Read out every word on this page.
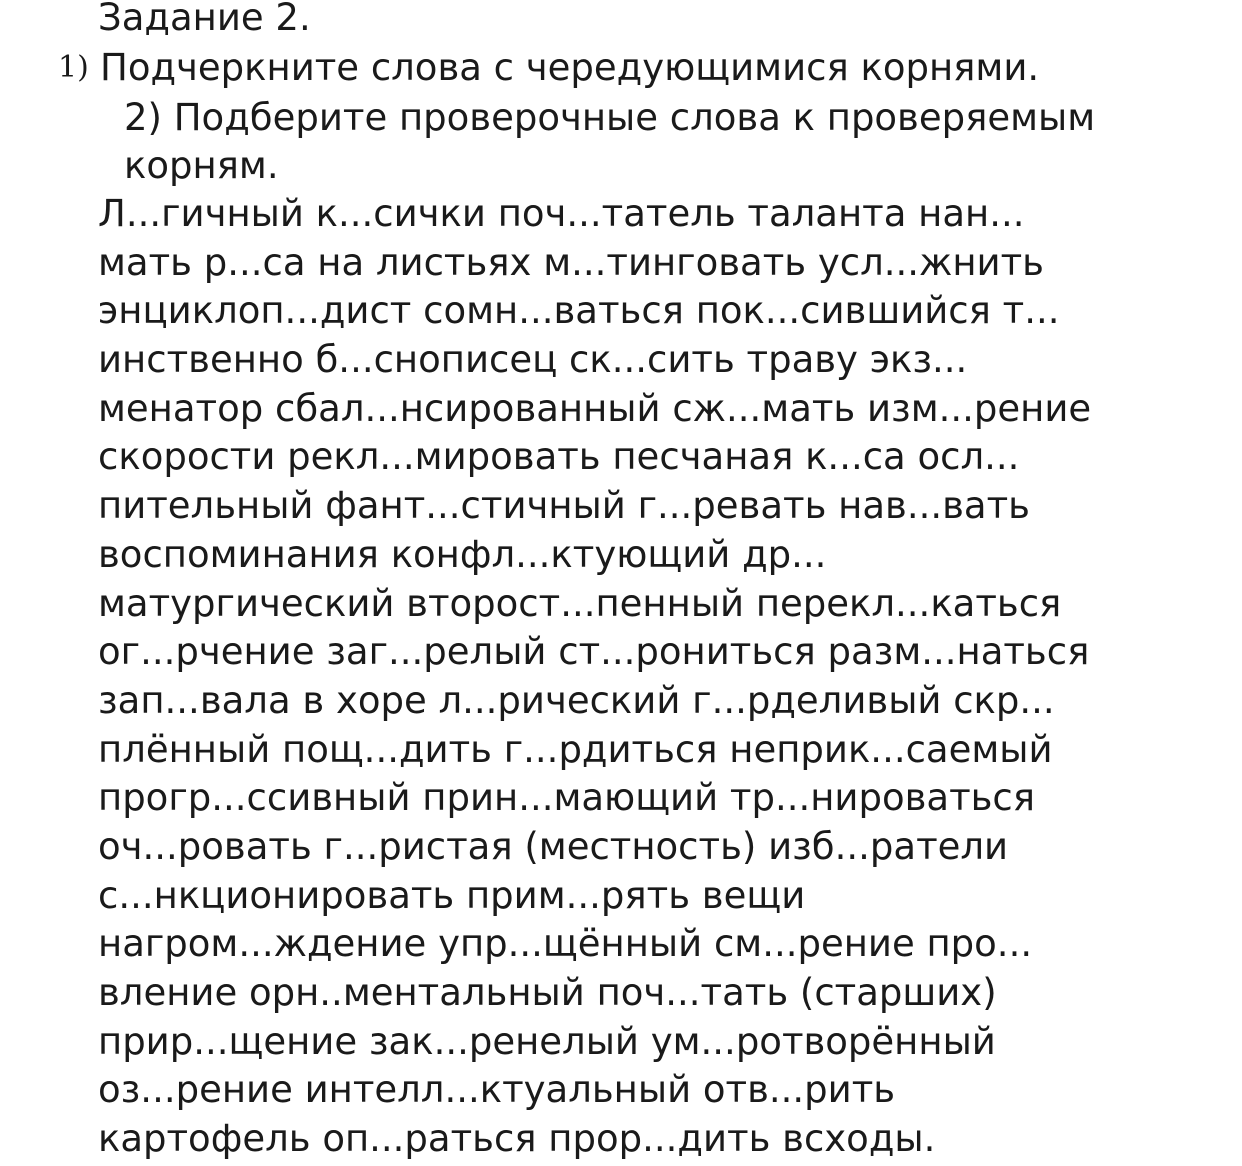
Задание 2.
1) Подчеркните слова с чередующимися корнями.
2) Подберите проверочные слова к проверяемым
корням.
Л...гичный к...сички поч...татель таланта нан...
мать р...са на листьях м...тинговать усл...жнить
энциклоп...дист сомн...ваться пок...сившийся т...
инственно б...снописец ск...сить траву экз...
менатор сбал...нсированный сж...мать изм...рение
скорости рекл...мировать песчаная к...са осл...
пительный фант...стичный г...ревать нав...вать
воспоминания конфл...ктующий др...
матургический второст...пенный перекл...каться
ог...рчение заг...релый ст...рониться разм...наться
зап...вала в хоре л...рический г...рделивый скр...
плённый пощ...дить г...рдиться неприк...саемый
прогр...ссивный прин...мающий тр...нироваться
оч...ровать г...ристая (местность) изб...ратели
с...нкционировать прим...рять вещи
нагром...ждение упр...щённый см...рение про...
вление орн..ментальный поч...тать (старших)
прир...щение зак...ренелый ум...ротворённый
оз...рение интелл...ктуальный отв...рить
картофель оп...раться прор...дить всходы.
